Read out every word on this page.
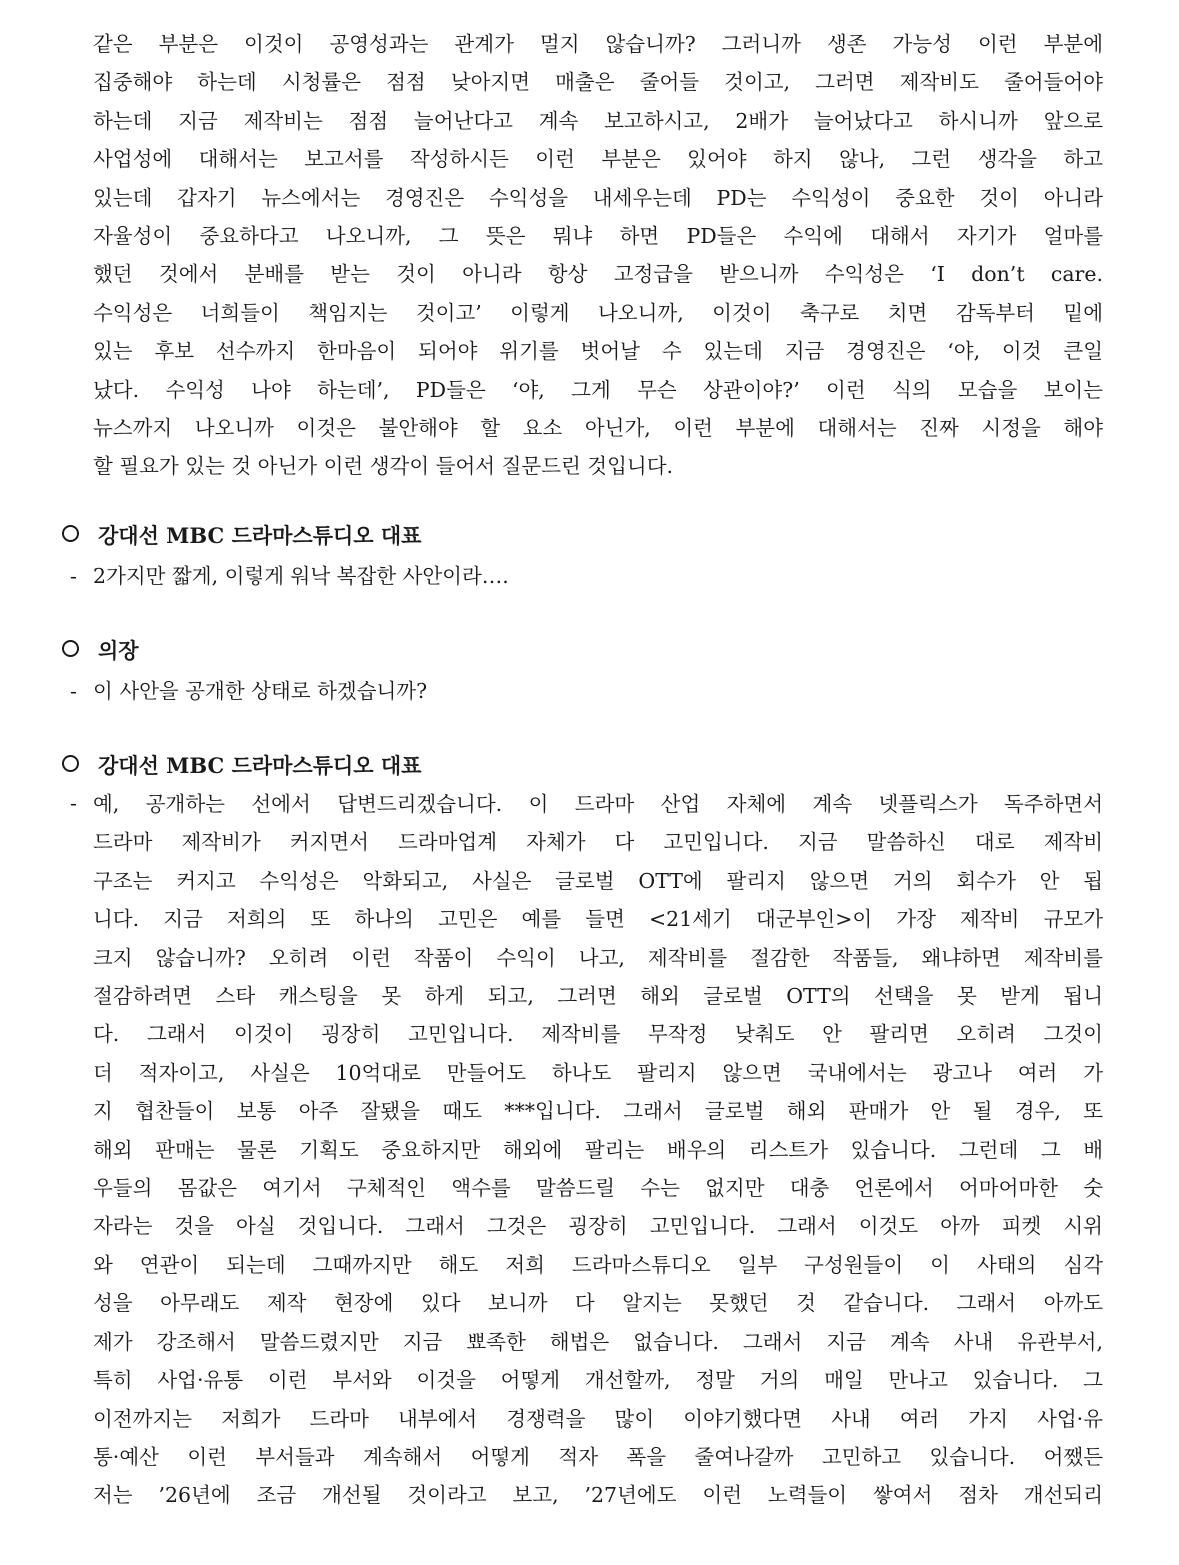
같은 부분은 이것이 공영성과는 관계가 멀지 않습니까? 그러니까 생존 가능성 이런 부분에
집중해야 하는데 시청률은 점점 낮아지면 매출은 줄어들 것이고, 그러면 제작비도 줄어들어야
하는데 지금 제작비는 점점 늘어난다고 계속 보고하시고, 2배가 늘어났다고 하시니까 앞으로
사업성에 대해서는 보고서를 작성하시든 이런 부분은 있어야 하지 않나, 그런 생각을 하고
있는데 갑자기 뉴스에서는 경영진은 수익성을 내세우는데 PD는 수익성이 중요한 것이 아니라
자율성이 중요하다고 나오니까, 그 뜻은 뭐냐 하면 PD들은 수익에 대해서 자기가 얼마를
했던 것에서 분배를 받는 것이 아니라 항상 고정급을 받으니까 수익성은 ‘I don’t care.
수익성은 너희들이 책임지는 것이고’ 이렇게 나오니까, 이것이 축구로 치면 감독부터 밑에
있는 후보 선수까지 한마음이 되어야 위기를 벗어날 수 있는데 지금 경영진은 ‘야, 이것 큰일
났다. 수익성 나야 하는데’, PD들은 ‘야, 그게 무슨 상관이야?’ 이런 식의 모습을 보이는
뉴스까지 나오니까 이것은 불안해야 할 요소 아닌가, 이런 부분에 대해서는 진짜 시정을 해야
할 필요가 있는 것 아닌가 이런 생각이 들어서 질문드린 것입니다.
강대선 MBC 드라마스튜디오 대표
- 2가지만 짧게, 이렇게 워낙 복잡한 사안이라….
의장
- 이 사안을 공개한 상태로 하겠습니까?
강대선 MBC 드라마스튜디오 대표
- 예, 공개하는 선에서 답변드리겠습니다. 이 드라마 산업 자체에 계속 넷플릭스가 독주하면서
드라마 제작비가 커지면서 드라마업계 자체가 다 고민입니다. 지금 말씀하신 대로 제작비
구조는 커지고 수익성은 악화되고, 사실은 글로벌 OTT에 팔리지 않으면 거의 회수가 안 됩
니다. 지금 저희의 또 하나의 고민은 예를 들면 <21세기 대군부인>이 가장 제작비 규모가
크지 않습니까? 오히려 이런 작품이 수익이 나고, 제작비를 절감한 작품들, 왜냐하면 제작비를
절감하려면 스타 캐스팅을 못 하게 되고, 그러면 해외 글로벌 OTT의 선택을 못 받게 됩니
다. 그래서 이것이 굉장히 고민입니다. 제작비를 무작정 낮춰도 안 팔리면 오히려 그것이
더 적자이고, 사실은 10억대로 만들어도 하나도 팔리지 않으면 국내에서는 광고나 여러 가
지 협찬들이 보통 아주 잘됐을 때도 ***입니다. 그래서 글로벌 해외 판매가 안 될 경우, 또
해외 판매는 물론 기획도 중요하지만 해외에 팔리는 배우의 리스트가 있습니다. 그런데 그 배
우들의 몸값은 여기서 구체적인 액수를 말씀드릴 수는 없지만 대충 언론에서 어마어마한 숫
자라는 것을 아실 것입니다. 그래서 그것은 굉장히 고민입니다. 그래서 이것도 아까 피켓 시위
와 연관이 되는데 그때까지만 해도 저희 드라마스튜디오 일부 구성원들이 이 사태의 심각
성을 아무래도 제작 현장에 있다 보니까 다 알지는 못했던 것 같습니다. 그래서 아까도
제가 강조해서 말씀드렸지만 지금 뾰족한 해법은 없습니다. 그래서 지금 계속 사내 유관부서,
특히 사업·유통 이런 부서와 이것을 어떻게 개선할까, 정말 거의 매일 만나고 있습니다. 그
이전까지는 저희가 드라마 내부에서 경쟁력을 많이 이야기했다면 사내 여러 가지 사업·유
통·예산 이런 부서들과 계속해서 어떻게 적자 폭을 줄여나갈까 고민하고 있습니다. 어쨌든
저는 ’26년에 조금 개선될 것이라고 보고, ’27년에도 이런 노력들이 쌓여서 점차 개선되리
